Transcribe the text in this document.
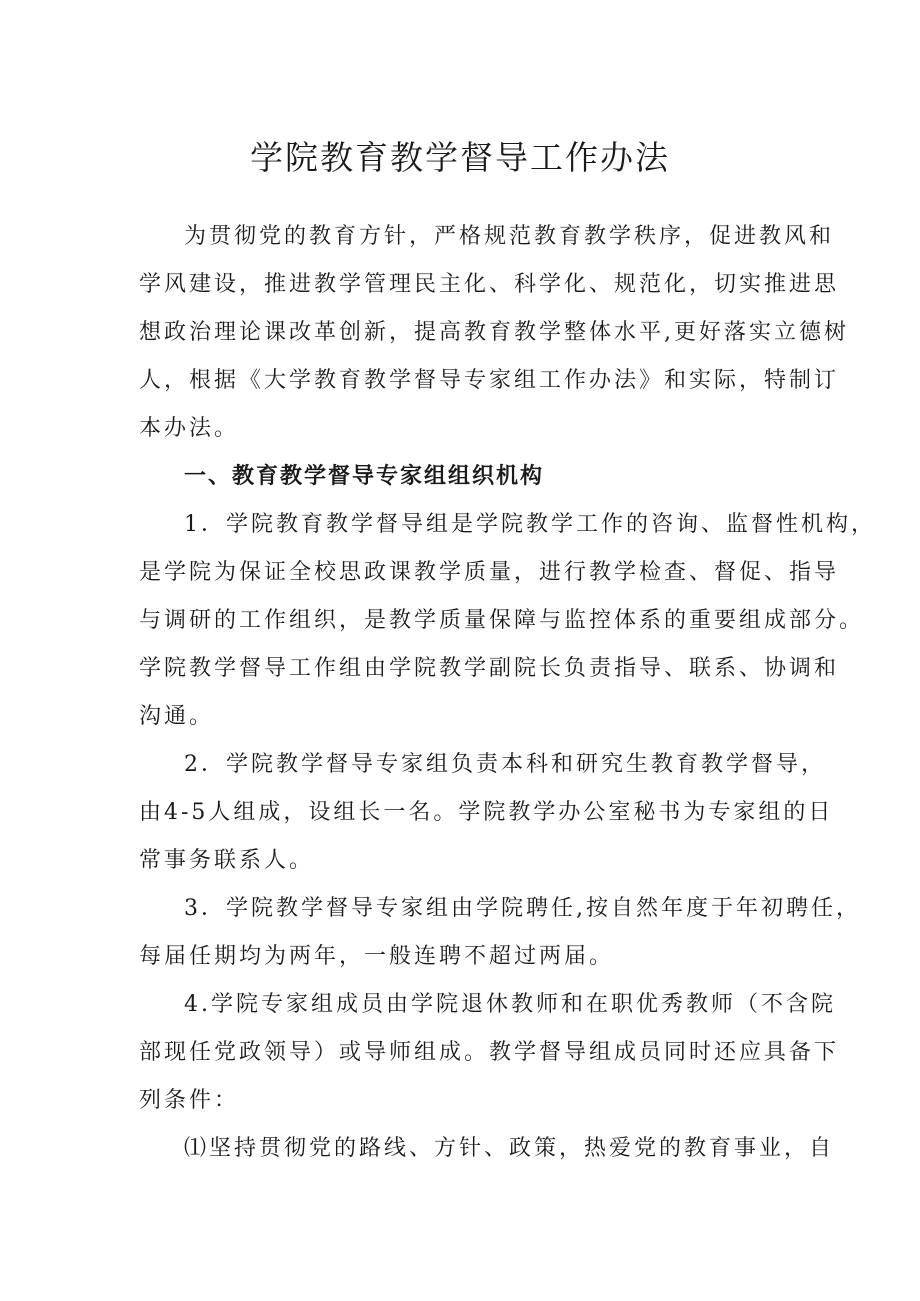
学院教育教学督导工作办法

为贯彻党的教育方针，严格规范教育教学秩序，促进教风和

学风建设，推进教学管理民主化、科学化、规范化，切实推进思

想政治理论课改革创新，提高教育教学整体水平,更好落实立德树

人，根据《大学教育教学督导专家组工作办法》和实际，特制订

本办法。

一、教育教学督导专家组组织机构

1．学院教育教学督导组是学院教学工作的咨询、监督性机构，

是学院为保证全校思政课教学质量，进行教学检查、督促、指导

与调研的工作组织，是教学质量保障与监控体系的重要组成部分。

学院教学督导工作组由学院教学副院长负责指导、联系、协调和

沟通。

2．学院教学督导专家组负责本科和研究生教育教学督导，

由4-5人组成，设组长一名。学院教学办公室秘书为专家组的日

常事务联系人。

3．学院教学督导专家组由学院聘任,按自然年度于年初聘任，

每届任期均为两年，一般连聘不超过两届。

4.学院专家组成员由学院退休教师和在职优秀教师（不含院

部现任党政领导）或导师组成。教学督导组成员同时还应具备下

列条件：

⑴坚持贯彻党的路线、方针、政策，热爱党的教育事业，自
